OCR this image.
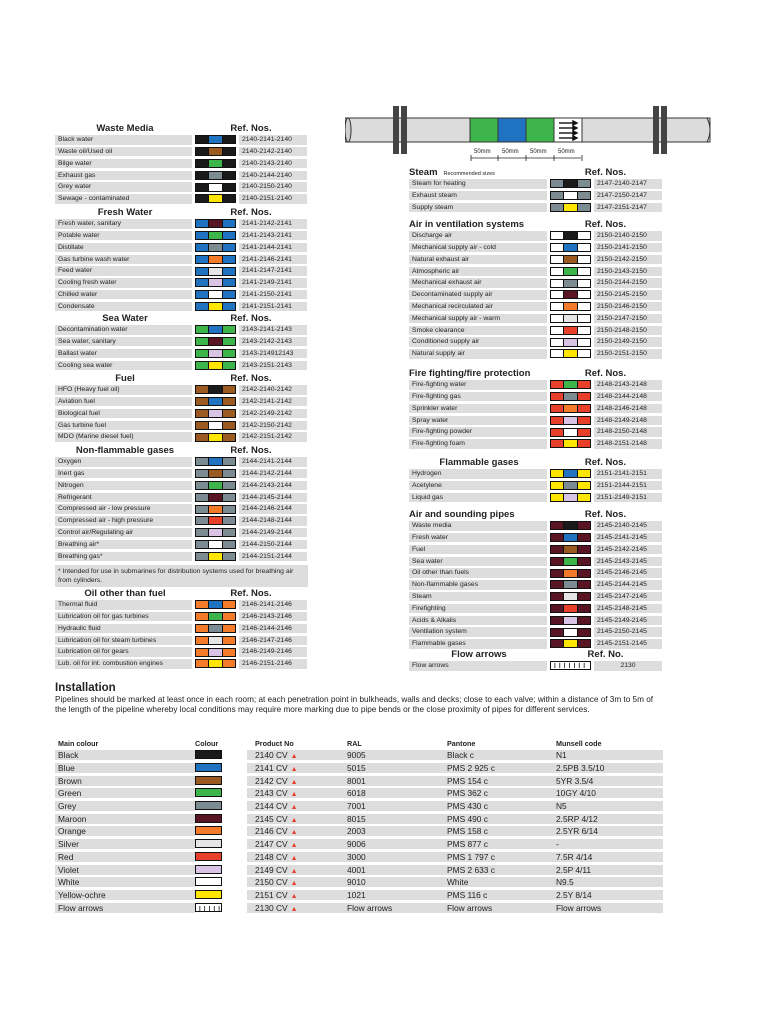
50mm 50mm 50mm 50mm
Waste Media	Ref. Nos.
Black water	2140-2141-2140
Waste oil/Used oil	2140-2142-2140
Bilge water	2140-2143-2140
Exhaust gas	2140-2144-2140
Grey water	2140-2150-2140
Sewage - contaminated	2140-2151-2140
Fresh Water	Ref. Nos.
Fresh water, sanitary	2141-2142-2141
Potable water	2141-2143-2141
Distillate	2141-2144-2141
Gas turbine wash water	2141-2146-2141
Feed water	2141-2147-2141
Cooling fresh water	2141-2149-2141
Chilled water	2141-2150-2141
Condensate	2141-2151-2141
Sea Water	Ref. Nos.
Decontamination water	2143-2141-2143
Sea water, sanitary	2143-2142-2143
Ballast water	2143-214912143
Cooling sea water	2143-2151-2143
Fuel	Ref. Nos.
HFO (Heavy fuel oil)	2142-2140-2142
Aviation fuel	2142-2141-2142
Biological fuel	2142-2149-2142
Gas turbine fuel	2142-2150-2142
MDO (Marine diesel fuel)	2142-2151-2142
Non-flammable gases	Ref. Nos.
Oxygen	2144-2141-2144
Inert gas	2144-2142-2144
Nitrogen	2144-2143-2144
Refrigerant	2144-2145-2144
Compressed air - low pressure	2144-2146-2144
Compressed air - high pressure	2144-2148-2144
Control air/Regulating air	2144-2149-2144
Breathing air*	2144-2150-2144
Breathing gas*	2144-2151-2144
Oil other than fuel	Ref. Nos.
Thermal fluid	2146-2141-2146
Lubrication oil for gas turbines	2146-2143-2146
Hydraulic fluid	2146-2144-2146
Lubrication oil for steam turbines	2146-2147-2146
Lubrication oil for gears	2146-2149-2146
Lub. oil for int. combustion engines	2146-2151-2146
Steam Recommended sizes	Ref. Nos.
Steam for heating	2147-2140-2147
Exhaust steam	2147-2150-2147
Supply steam	2147-2151-2147
Air in ventilation systems	Ref. Nos.
Discharge air	2150-2140-2150
Mechanical supply air - cold	2150-2141-2150
Natural exhaust air	2150-2142-2150
Atmospheric air	2150-2143-2150
Mechanical exhaust air	2150-2144-2150
Decontaminated supply air	2150-2145-2150
Mechanical recirculated air	2150-2146-2150
Mechanical supply air - warm	2150-2147-2150
Smoke clearance	2150-2148-2150
Conditioned supply air	2150-2149-2150
Natural supply air	2150-2151-2150
Fire fighting/fire protection	Ref. Nos.
Fire-fighting water	2148-2143-2148
Fire-fighting gas	2148-2144-2148
Sprinkler water	2148-2146-2148
Spray water	2148-2149-2148
Fire-fighting powder	2148-2150-2148
Fire-fighting foam	2148-2151-2148
Flammable gases	Ref. Nos.
Hydrogen	2151-2141-2151
Acetylene	2151-2144-2151
Liquid gas	2151-2149-2151
Air and sounding pipes	Ref. Nos.
Waste media	2145-2140-2145
Fresh water	2145-2141-2145
Fuel	2145-2142-2145
Sea water	2145-2143-2145
Oil other than fuels	2145-2146-2145
Non-flammable gases	2145-2144-2145
Steam	2145-2147-2145
Firefighting	2145-2148-2145
Acids & Alkalis	2145-2149-2145
Ventilation system	2145-2150-2145
Flammable gases	2145-2151-2145
Flow arrows	Ref. No.
Flow arrows	2130
* Intended for use in submarines for distribution systems used for breathing air from cylinders.
Installation
Pipelines should be marked at least once in each room; at each penetration point in bulkheads, walls and decks; close to each valve; within a distance of 3m to 5m of the length of the pipeline whereby local conditions may require more marking due to pipe bends or the close proximity of pipes for different services.
Main colour	Colour	Product No	RAL	Pantone	Munsell code
Black	2140 CV ▲	9005	Black c	N1
Blue	2141 CV ▲	5015	PMS 2 925 c	2.5PB 3.5/10
Brown	2142 CV ▲	8001	PMS 154 c	5YR 3.5/4
Green	2143 CV ▲	6018	PMS 362 c	10GY 4/10
Grey	2144 CV ▲	7001	PMS 430 c	N5
Maroon	2145 CV ▲	8015	PMS 490 c	2.5RP 4/12
Orange	2146 CV ▲	2003	PMS 158 c	2.5YR 6/14
Silver	2147 CV ▲	9006	PMS 877 c	-
Red	2148 CV ▲	3000	PMS 1 797 c	7.5R 4/14
Violet	2149 CV ▲	4001	PMS 2 633 c	2.5P 4/11
White	2150 CV ▲	9010	White	N9.5
Yellow-ochre	2151 CV ▲	1021	PMS 116 c	2.5Y 8/14
Flow arrows	2130 CV ▲	Flow arrows	Flow arrows	Flow arrows
